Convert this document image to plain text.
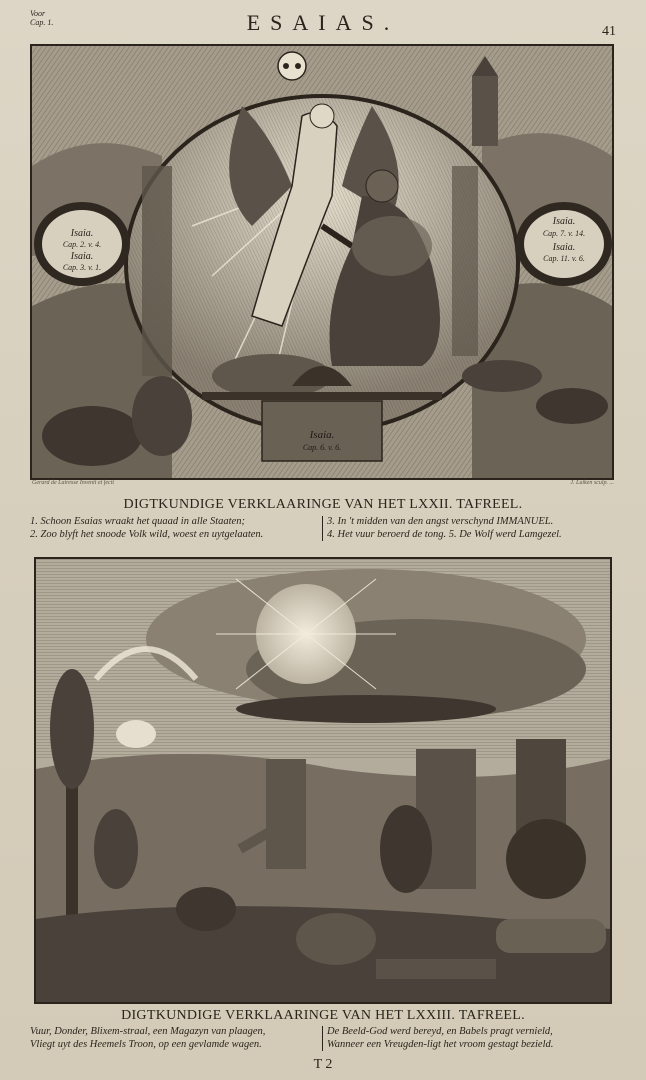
Voor
Cap. 1.	ESAIAS.	41
Isaia.
Cap. 2. v. 4.
Isaia.
Cap. 3. v. 1.
Isaia.
Cap. 7. v. 14.
Isaia.
Cap. 11. v. 6.
Isaia.
Cap. 6. v. 6.
Gerard de Lairesse Invenit et fecit	J. Luiken sculp. ...
DIGTKUNDIGE VERKLAARINGE VAN HET LXXII. TAFREEL.
1. Schoon Esaias wraakt het quaad in alle Staaten;
2. Zoo blyft het snoode Volk wild, woest en uytgelaaten.
3. In 't midden van den angst verschynd IMMANUEL.
4. Het vuur beroerd de tong. 5. De Wolf werd Lamgezel.
DIGTKUNDIGE VERKLAARINGE VAN HET LXXIII. TAFREEL.
Vuur, Donder, Blixem-straal, een Magazyn van plaagen,
Vliegt uyt des Heemels Troon, op een gevlamde wagen.
De Beeld-God werd bereyd, en Babels pragt vernield,
Wanneer een Vreugden-ligt het vroom gestagt bezield.
T 2
